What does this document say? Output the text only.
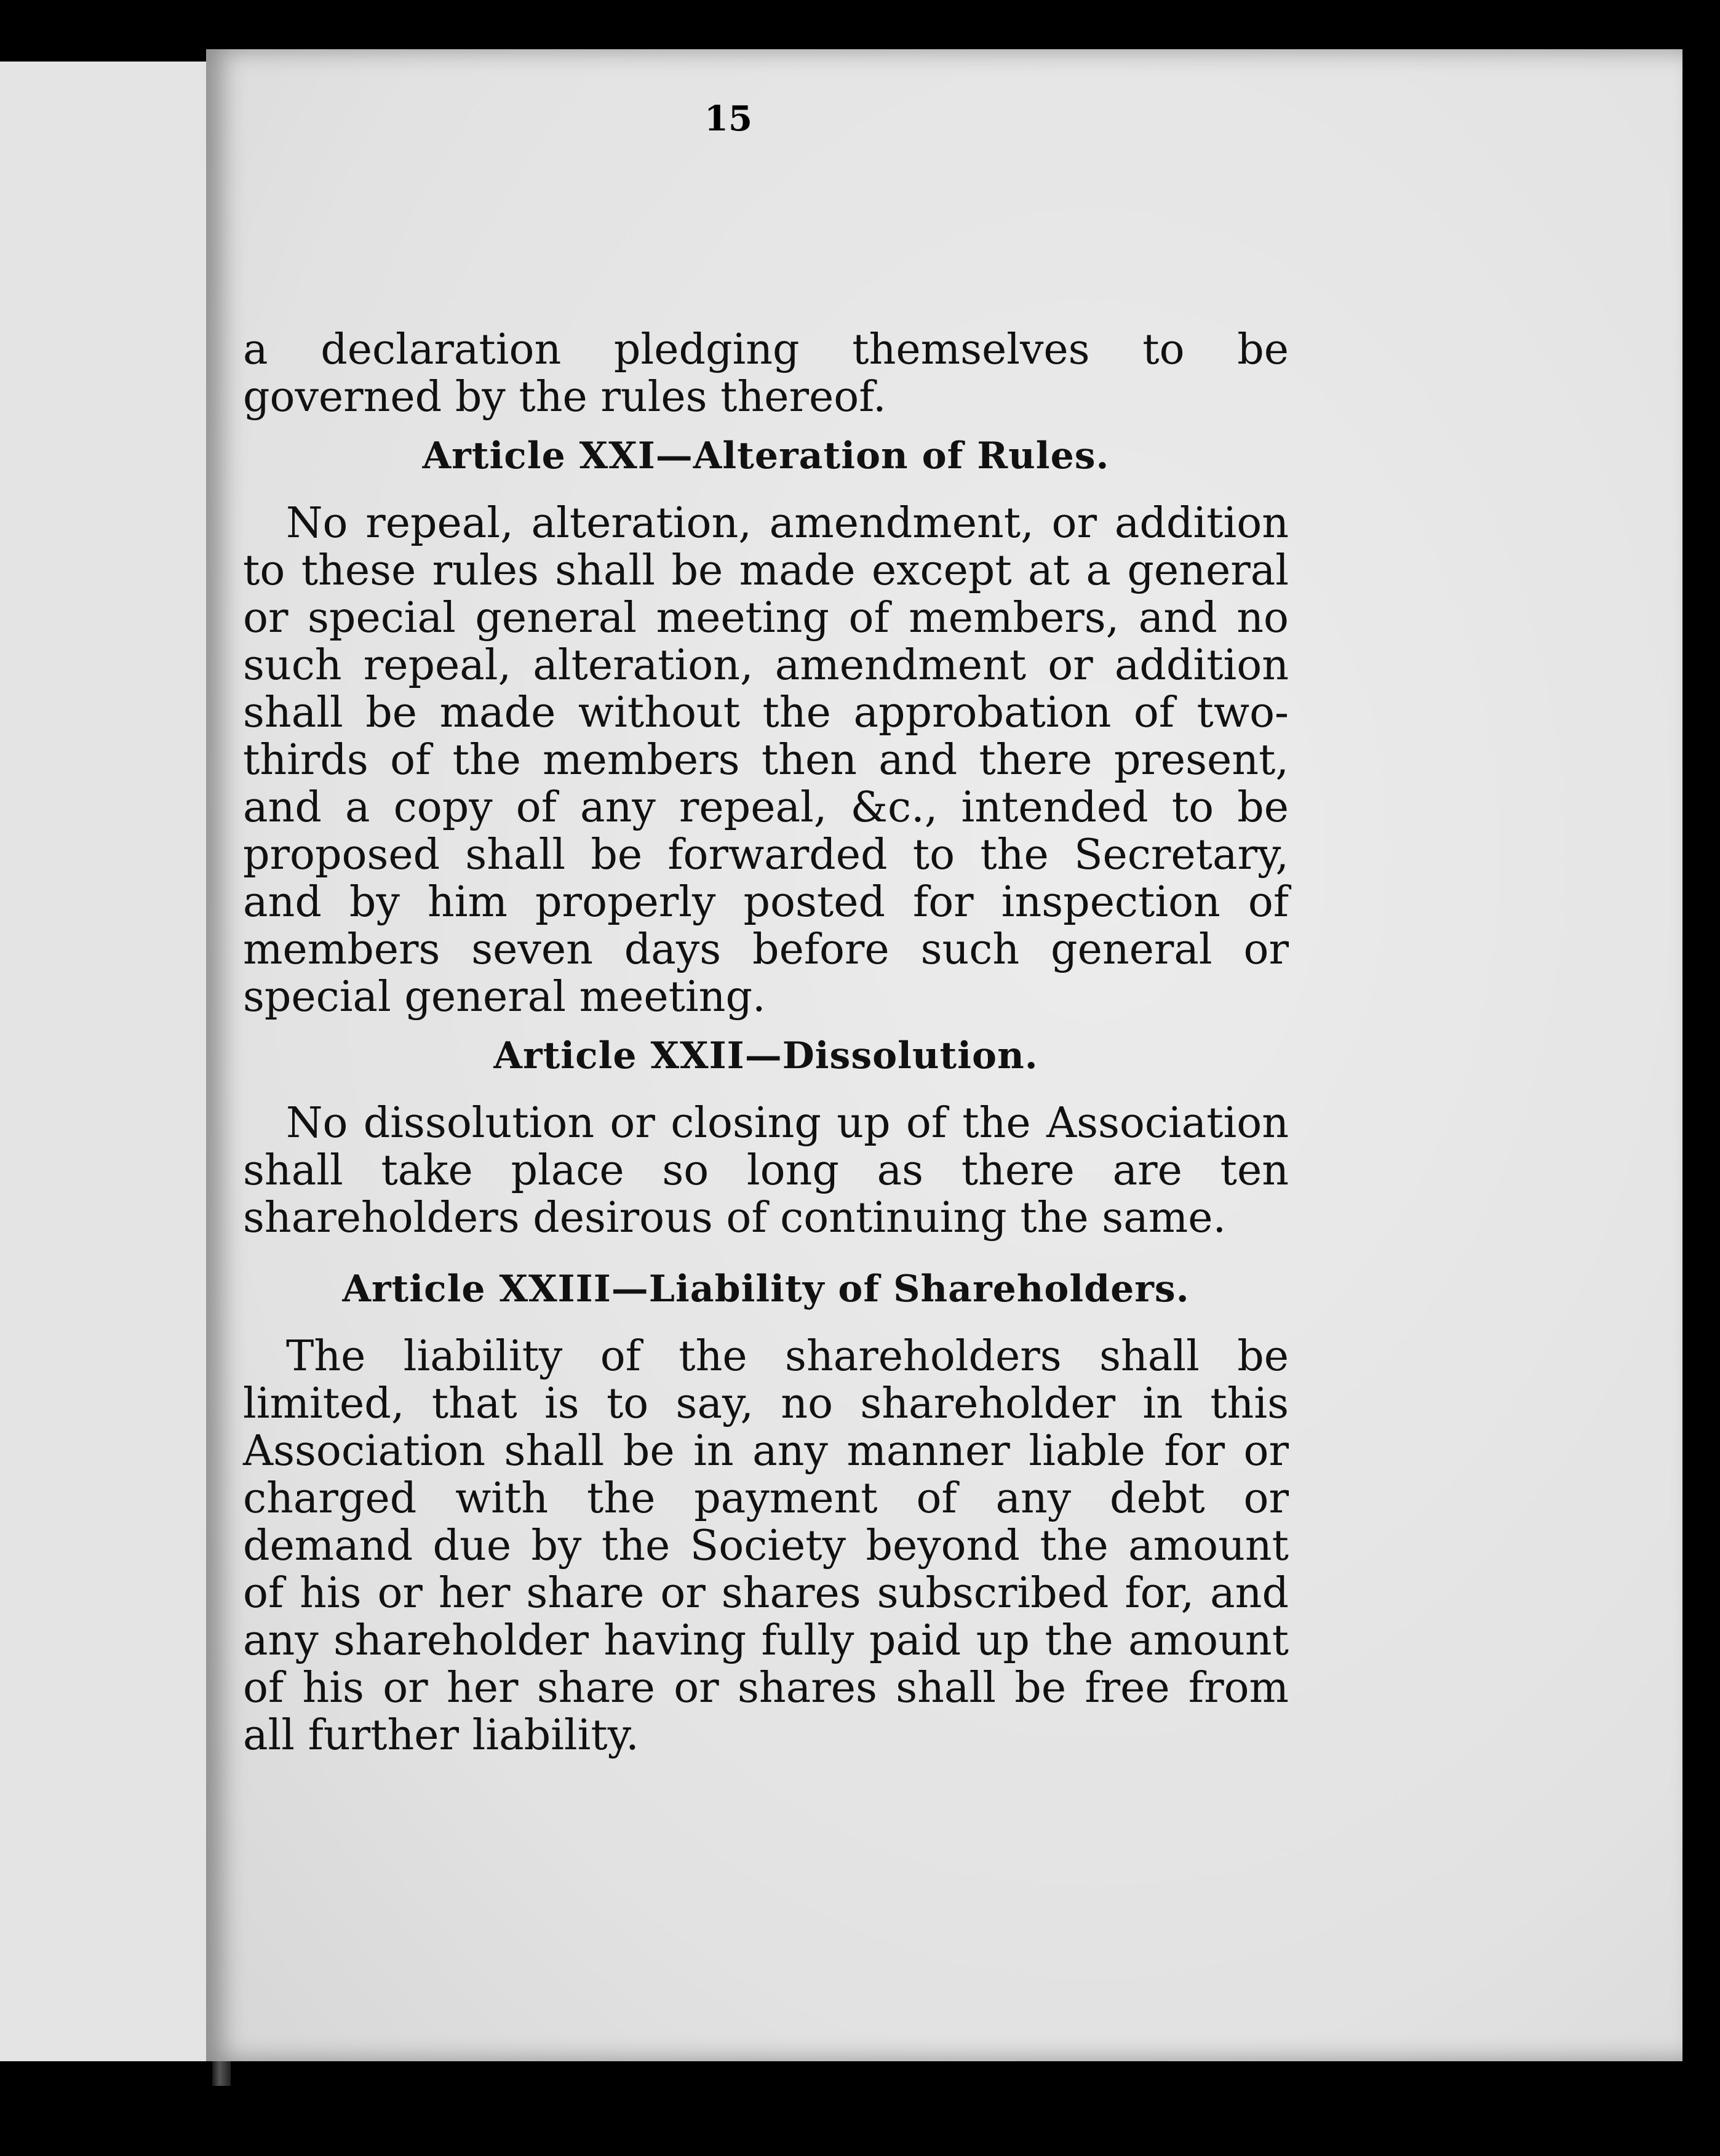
15

a declaration pledging themselves to be governed by the rules thereof.

Article XXI—Alteration of Rules.

No repeal, alteration, amendment, or addition to these rules shall be made except at a general or special general meeting of members, and no such repeal, alteration, amendment or addition shall be made without the approbation of two-thirds of the members then and there present, and a copy of any repeal, &c., intended to be proposed shall be forwarded to the Secretary, and by him properly posted for inspection of members seven days before such general or special general meeting.

Article XXII—Dissolution.

No dissolution or closing up of the Association shall take place so long as there are ten shareholders desirous of continuing the same.

Article XXIII—Liability of Shareholders.

The liability of the shareholders shall be limited, that is to say, no shareholder in this Association shall be in any manner liable for or charged with the payment of any debt or demand due by the Society beyond the amount of his or her share or shares subscribed for, and any shareholder having fully paid up the amount of his or her share or shares shall be free from all further liability.
